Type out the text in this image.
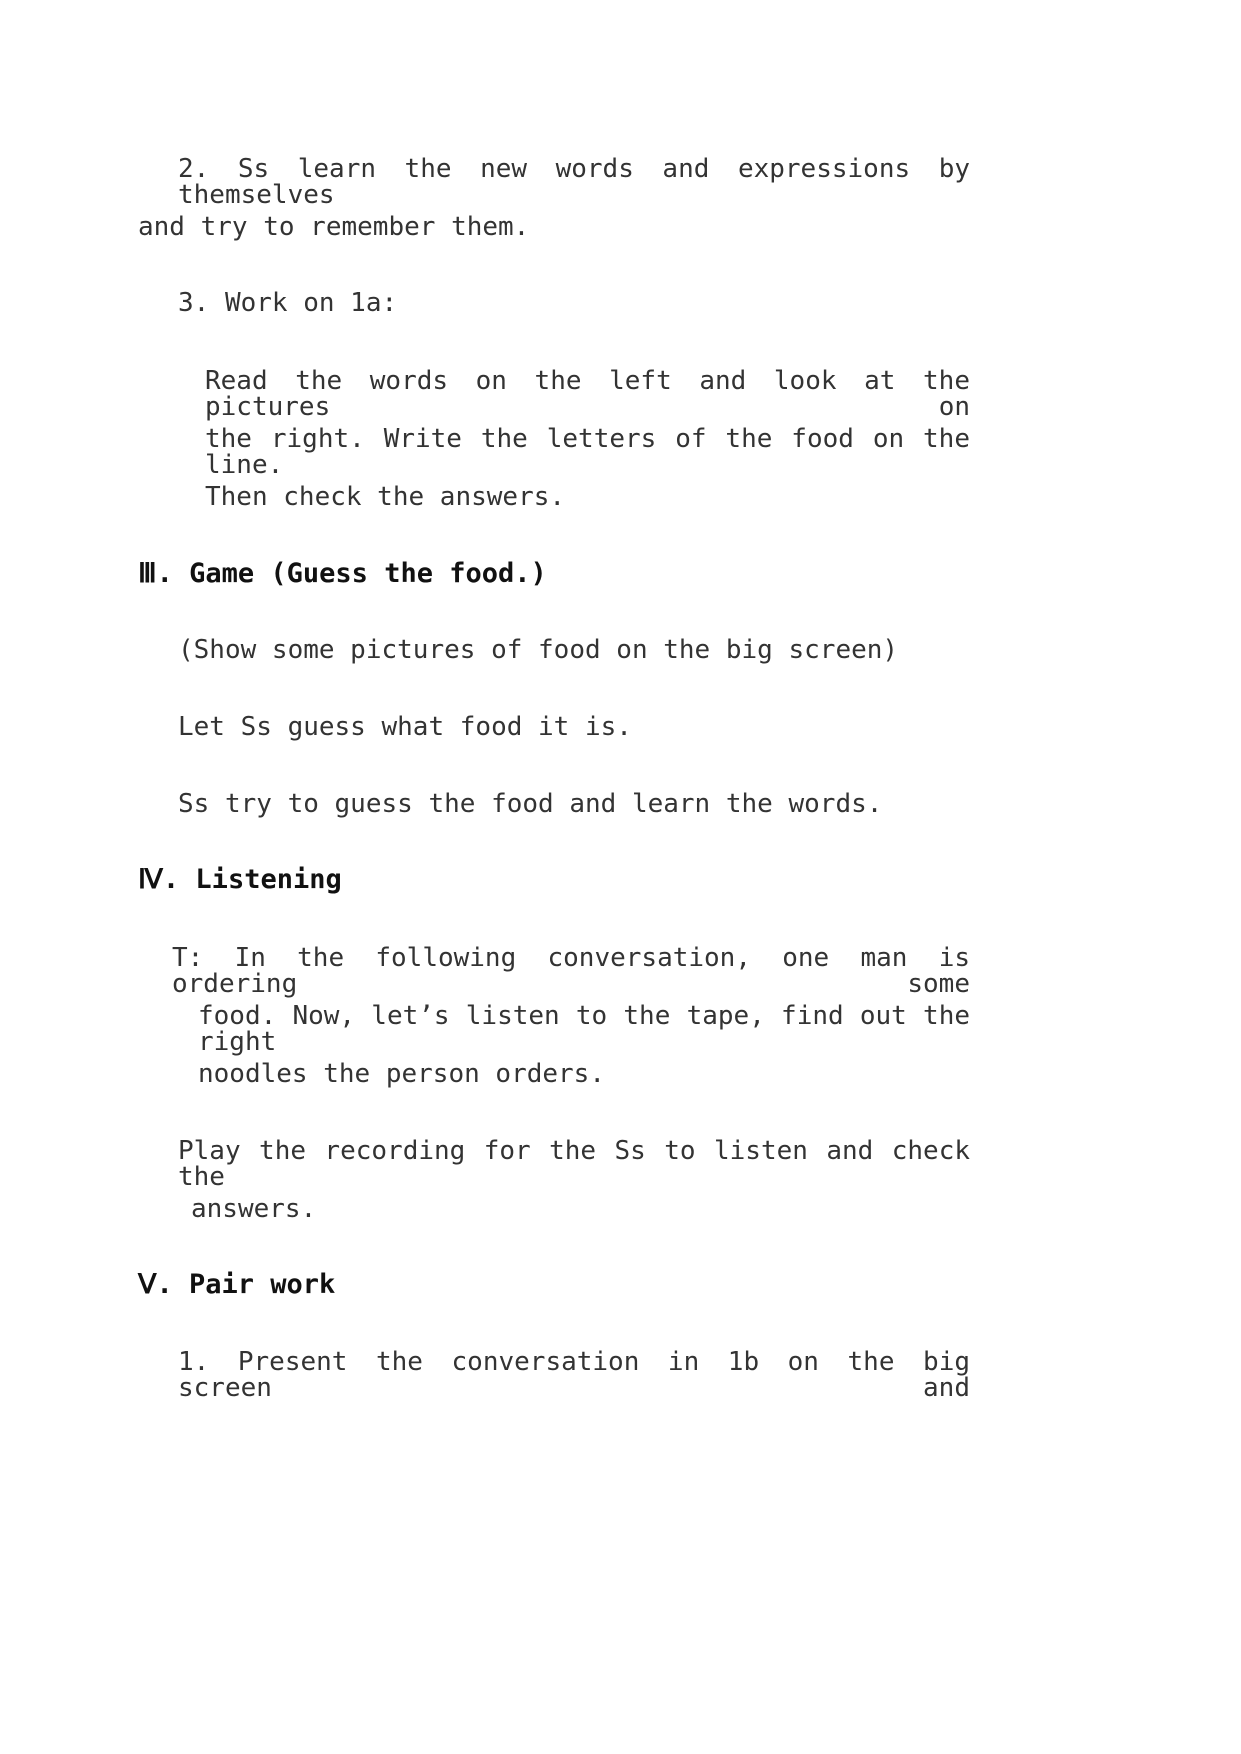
2. Ss learn the new words and expressions by themselves
and try to remember them.
3. Work on 1a:
Read the words on the left and look at the pictures on
the right. Write the letters of the food on the line.
Then check the answers.
Ⅲ. Game (Guess the food.)
(Show some pictures of food on the big screen)
Let Ss guess what food it is.
Ss try to guess the food and learn the words.
Ⅳ. Listening
T: In the following conversation, one man is ordering some
food. Now, let’s listen to the tape, find out the right
noodles the person orders.
Play the recording for the Ss to listen and check the
answers.
Ⅴ. Pair work
1. Present the conversation in 1b on the big screen and
